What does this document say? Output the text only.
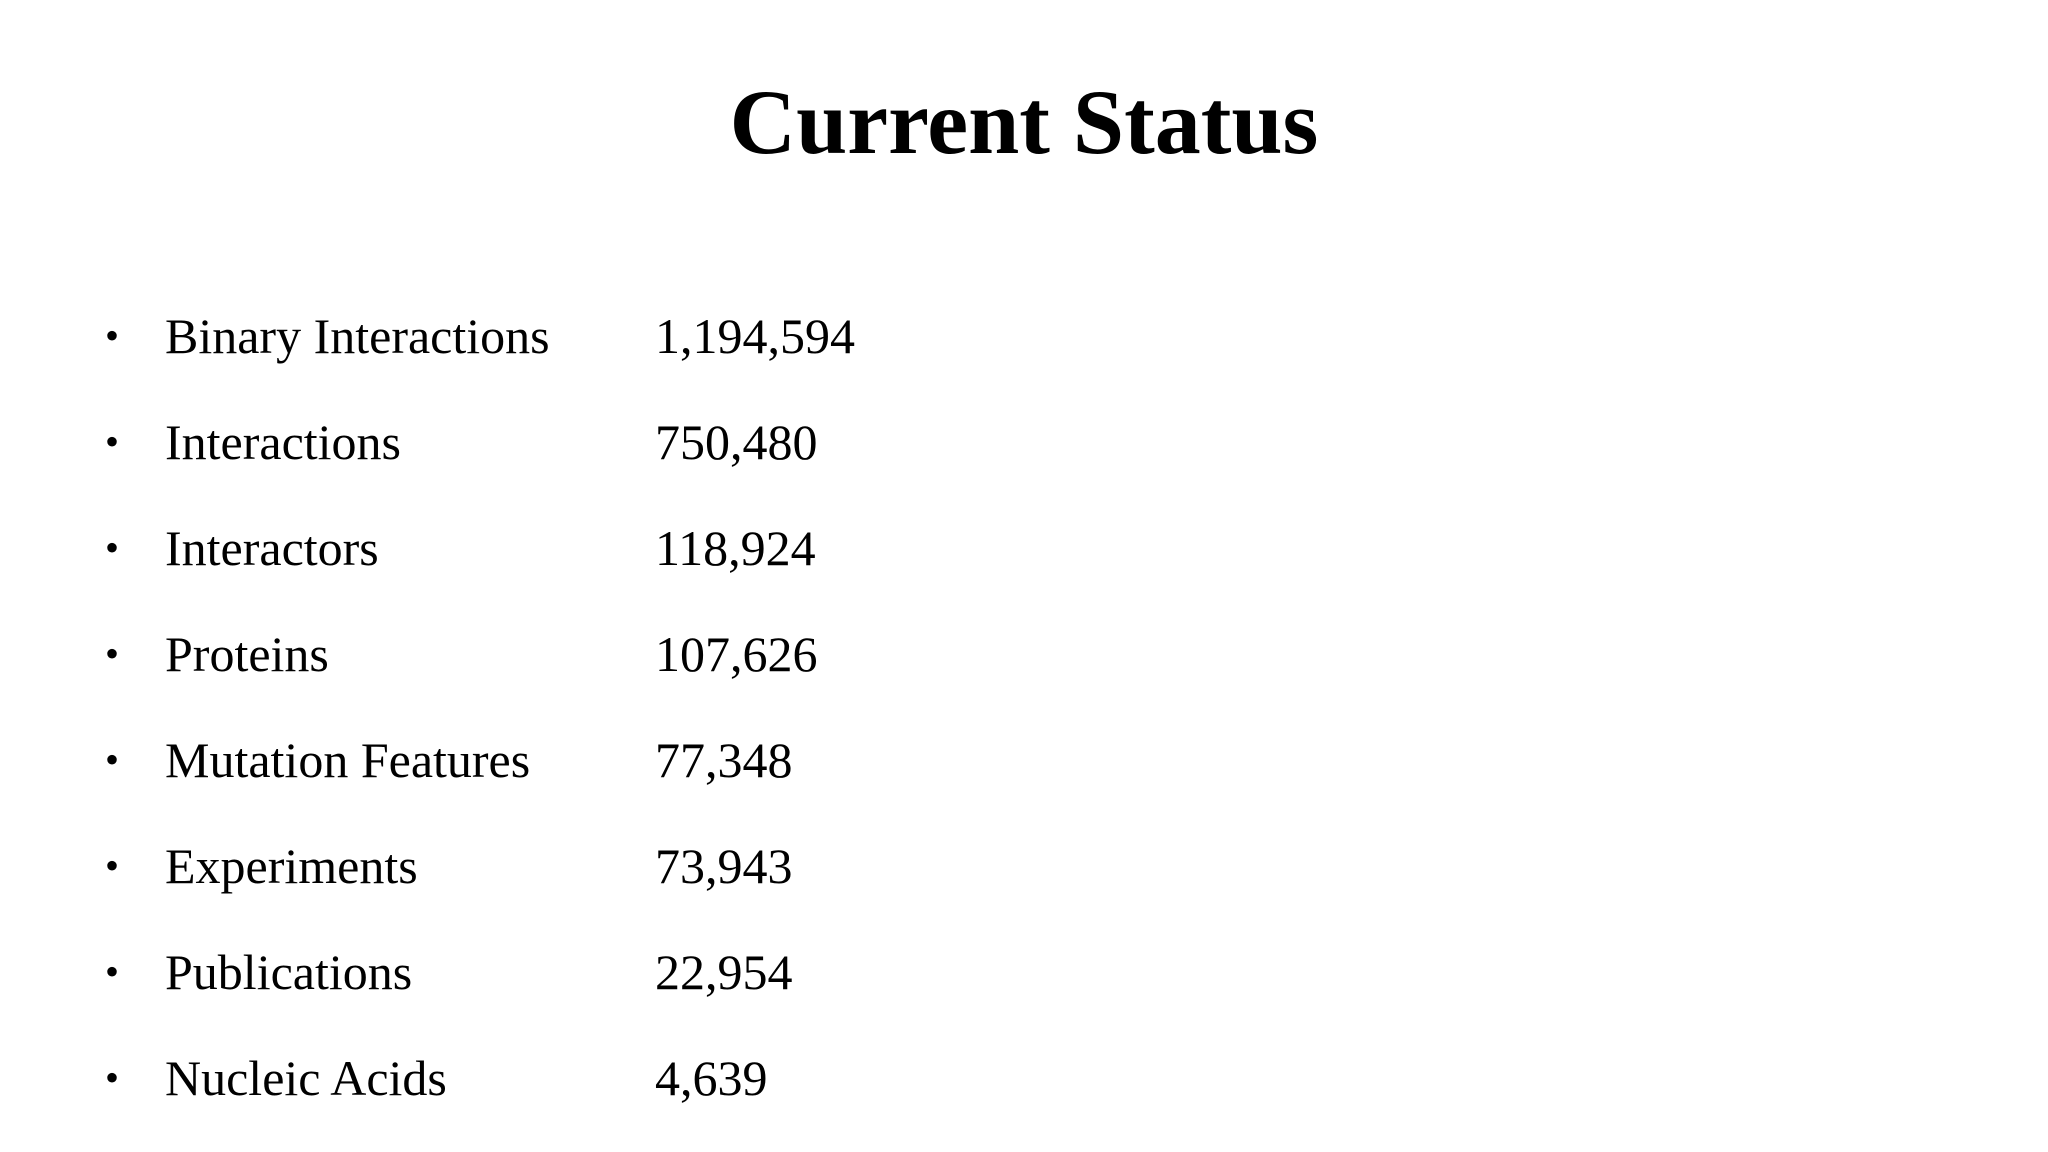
Current Status
• Binary Interactions	1,194,594
• Interactions	750,480
• Interactors	118,924
• Proteins	107,626
• Mutation Features	77,348
• Experiments	73,943
• Publications	22,954
• Nucleic Acids	4,639
